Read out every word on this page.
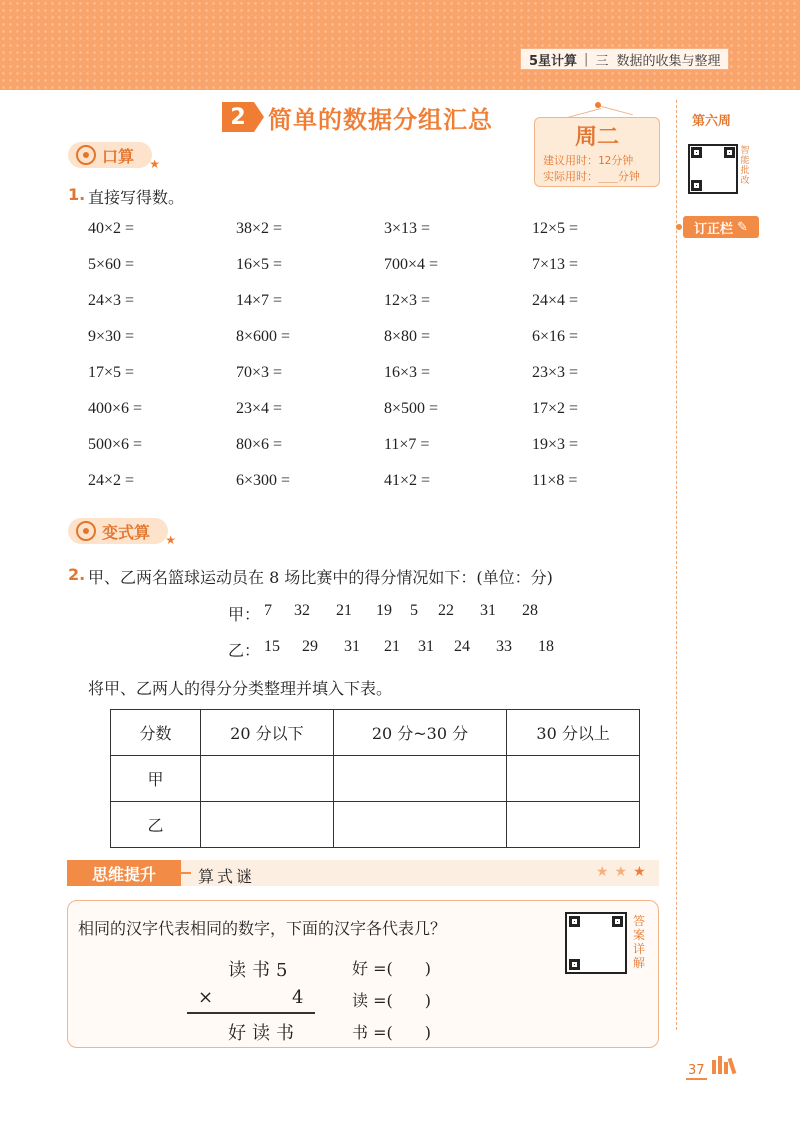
5星计算 | 三 数据的收集与整理
2 简单的数据分组汇总
周二
建议用时：12分钟
实际用时：___分钟
第六周
智能批改
订正栏 ✎
口算 ★
1. 直接写得数。
40×2 =	38×2 =	3×13 =	12×5 =
5×60 =	16×5 =	700×4 =	7×13 =
24×3 =	14×7 =	12×3 =	24×4 =
9×30 =	8×600 =	8×80 =	6×16 =
17×5 =	70×3 =	16×3 =	23×3 =
400×6 =	23×4 =	8×500 =	17×2 =
500×6 =	80×6 =	11×7 =	19×3 =
24×2 =	6×300 =	41×2 =	11×8 =
变式算 ★
2. 甲、乙两名篮球运动员在 8 场比赛中的得分情况如下：(单位：分)
甲： 7 32 21 19 5 22 31 28
乙： 15 29 31 21 31 24 33 18
将甲、乙两人的得分分类整理并填入下表。
分数	20 分以下	20 分~30 分	30 分以上
甲			
乙			
思维提升	算式谜	★★★
相同的汉字代表相同的数字，下面的汉字各代表几？	答案详解
读书5
×	4
好读书
好 =(　　)
读 =(　　)
书 =(　　)
37
